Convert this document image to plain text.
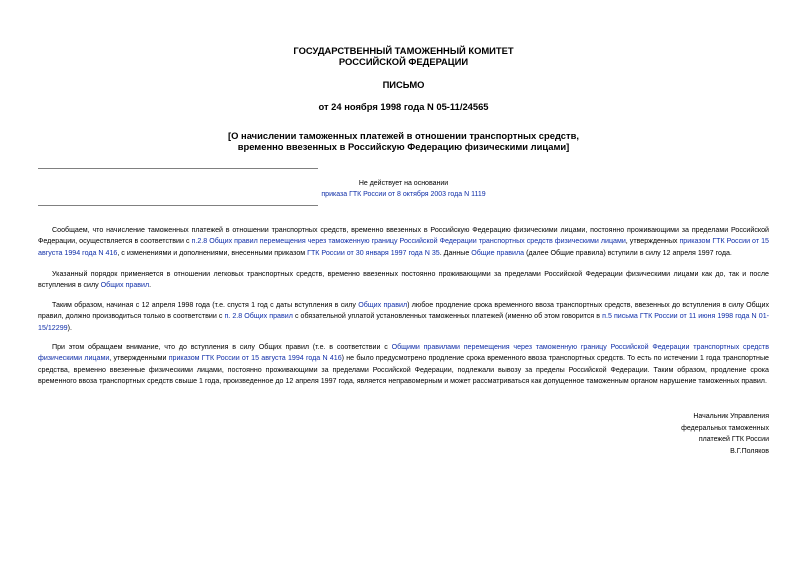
ГОСУДАРСТВЕННЫЙ ТАМОЖЕННЫЙ КОМИТЕТ
РОССИЙСКОЙ ФЕДЕРАЦИИ
ПИСЬМО
от 24 ноября 1998 года N 05-11/24565
[О начислении таможенных платежей в отношении транспортных средств,
временно ввезенных в Российскую Федерацию физическими лицами]
Не действует на основании
приказа ГТК России от 8 октября 2003 года N 1119

Сообщаем, что начисление таможенных платежей в отношении транспортных средств, временно ввезенных в Российскую Федерацию физическими лицами, постоянно проживающими за пределами Российской Федерации, осуществляется в соответствии с п.2.8 Общих правил перемещения через таможенную границу Российской Федерации транспортных средств физическими лицами, утвержденных приказом ГТК России от 15 августа 1994 года N 416, с изменениями и дополнениями, внесенными приказом ГТК России от 30 января 1997 года N 35. Данные Общие правила (далее Общие правила) вступили в силу 12 апреля 1997 года.

Указанный порядок применяется в отношении легковых транспортных средств, временно ввезенных постоянно проживающими за пределами Российской Федерации физическими лицами как до, так и после вступления в силу Общих правил.

Таким образом, начиная с 12 апреля 1998 года (т.е. спустя 1 год с даты вступления в силу Общих правил) любое продление срока временного ввоза транспортных средств, ввезенных до вступления в силу Общих правил, должно производиться только в соответствии с п. 2.8 Общих правил с обязательной уплатой установленных таможенных платежей (именно об этом говорится в п.5 письма ГТК России от 11 июня 1998 года N 01-15/12299).

При этом обращаем внимание, что до вступления в силу Общих правил (т.е. в соответствии с Общими правилами перемещения через таможенную границу Российской Федерации транспортных средств физическими лицами, утвержденными приказом ГТК России от 15 августа 1994 года N 416) не было предусмотрено продление срока временного ввоза транспортных средств. То есть по истечении 1 года транспортные средства, временно ввезенные физическими лицами, постоянно проживающими за пределами Российской Федерации, подлежали вывозу за пределы Российской Федерации. Таким образом, продление срока временного ввоза транспортных средств свыше 1 года, произведенное до 12 апреля 1997 года, является неправомерным и может рассматриваться как допущенное таможенным органом нарушение таможенных правил.

Начальник Управления
федеральных таможенных
платежей ГТК России
В.Г.Поляков
